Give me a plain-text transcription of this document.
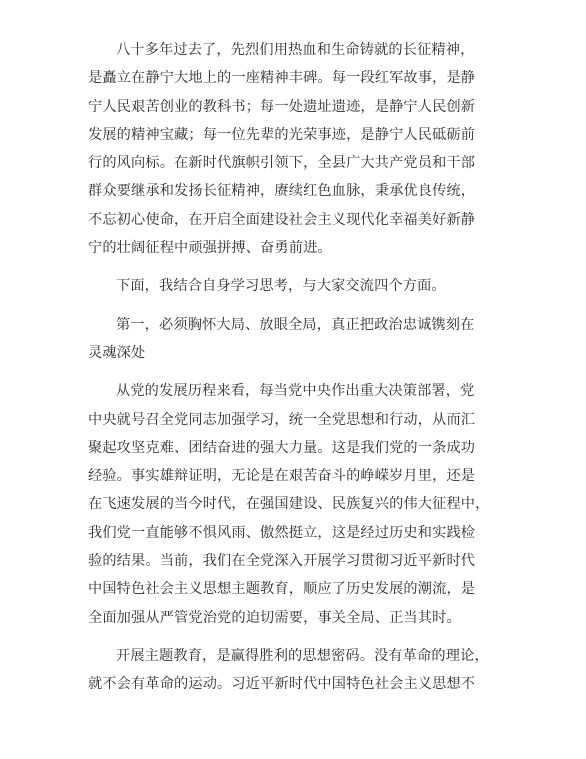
八十多年过去了，先烈们用热血和生命铸就的长征精神，
是矗立在静宁大地上的一座精神丰碑。每一段红军故事，是静
宁人民艰苦创业的教科书；每一处遗址遗迹，是静宁人民创新
发展的精神宝藏；每一位先辈的光荣事迹，是静宁人民砥砺前
行的风向标。在新时代旗帜引领下，全县广大共产党员和干部
群众要继承和发扬长征精神，赓续红色血脉，秉承优良传统，
不忘初心使命，在开启全面建设社会主义现代化幸福美好新静
宁的壮阔征程中顽强拼搏、奋勇前进。

下面，我结合自身学习思考，与大家交流四个方面。

第一，必须胸怀大局、放眼全局，真正把政治忠诚镌刻在
灵魂深处

从党的发展历程来看，每当党中央作出重大决策部署，党
中央就号召全党同志加强学习，统一全党思想和行动，从而汇
聚起攻坚克难、团结奋进的强大力量。这是我们党的一条成功
经验。事实雄辩证明，无论是在艰苦奋斗的峥嵘岁月里，还是
在飞速发展的当今时代，在强国建设、民族复兴的伟大征程中，
我们党一直能够不惧风雨、傲然挺立，这是经过历史和实践检
验的结果。当前，我们在全党深入开展学习贯彻习近平新时代
中国特色社会主义思想主题教育，顺应了历史发展的潮流，是
全面加强从严管党治党的迫切需要，事关全局、正当其时。

开展主题教育，是赢得胜利的思想密码。没有革命的理论，
就不会有革命的运动。习近平新时代中国特色社会主义思想不
